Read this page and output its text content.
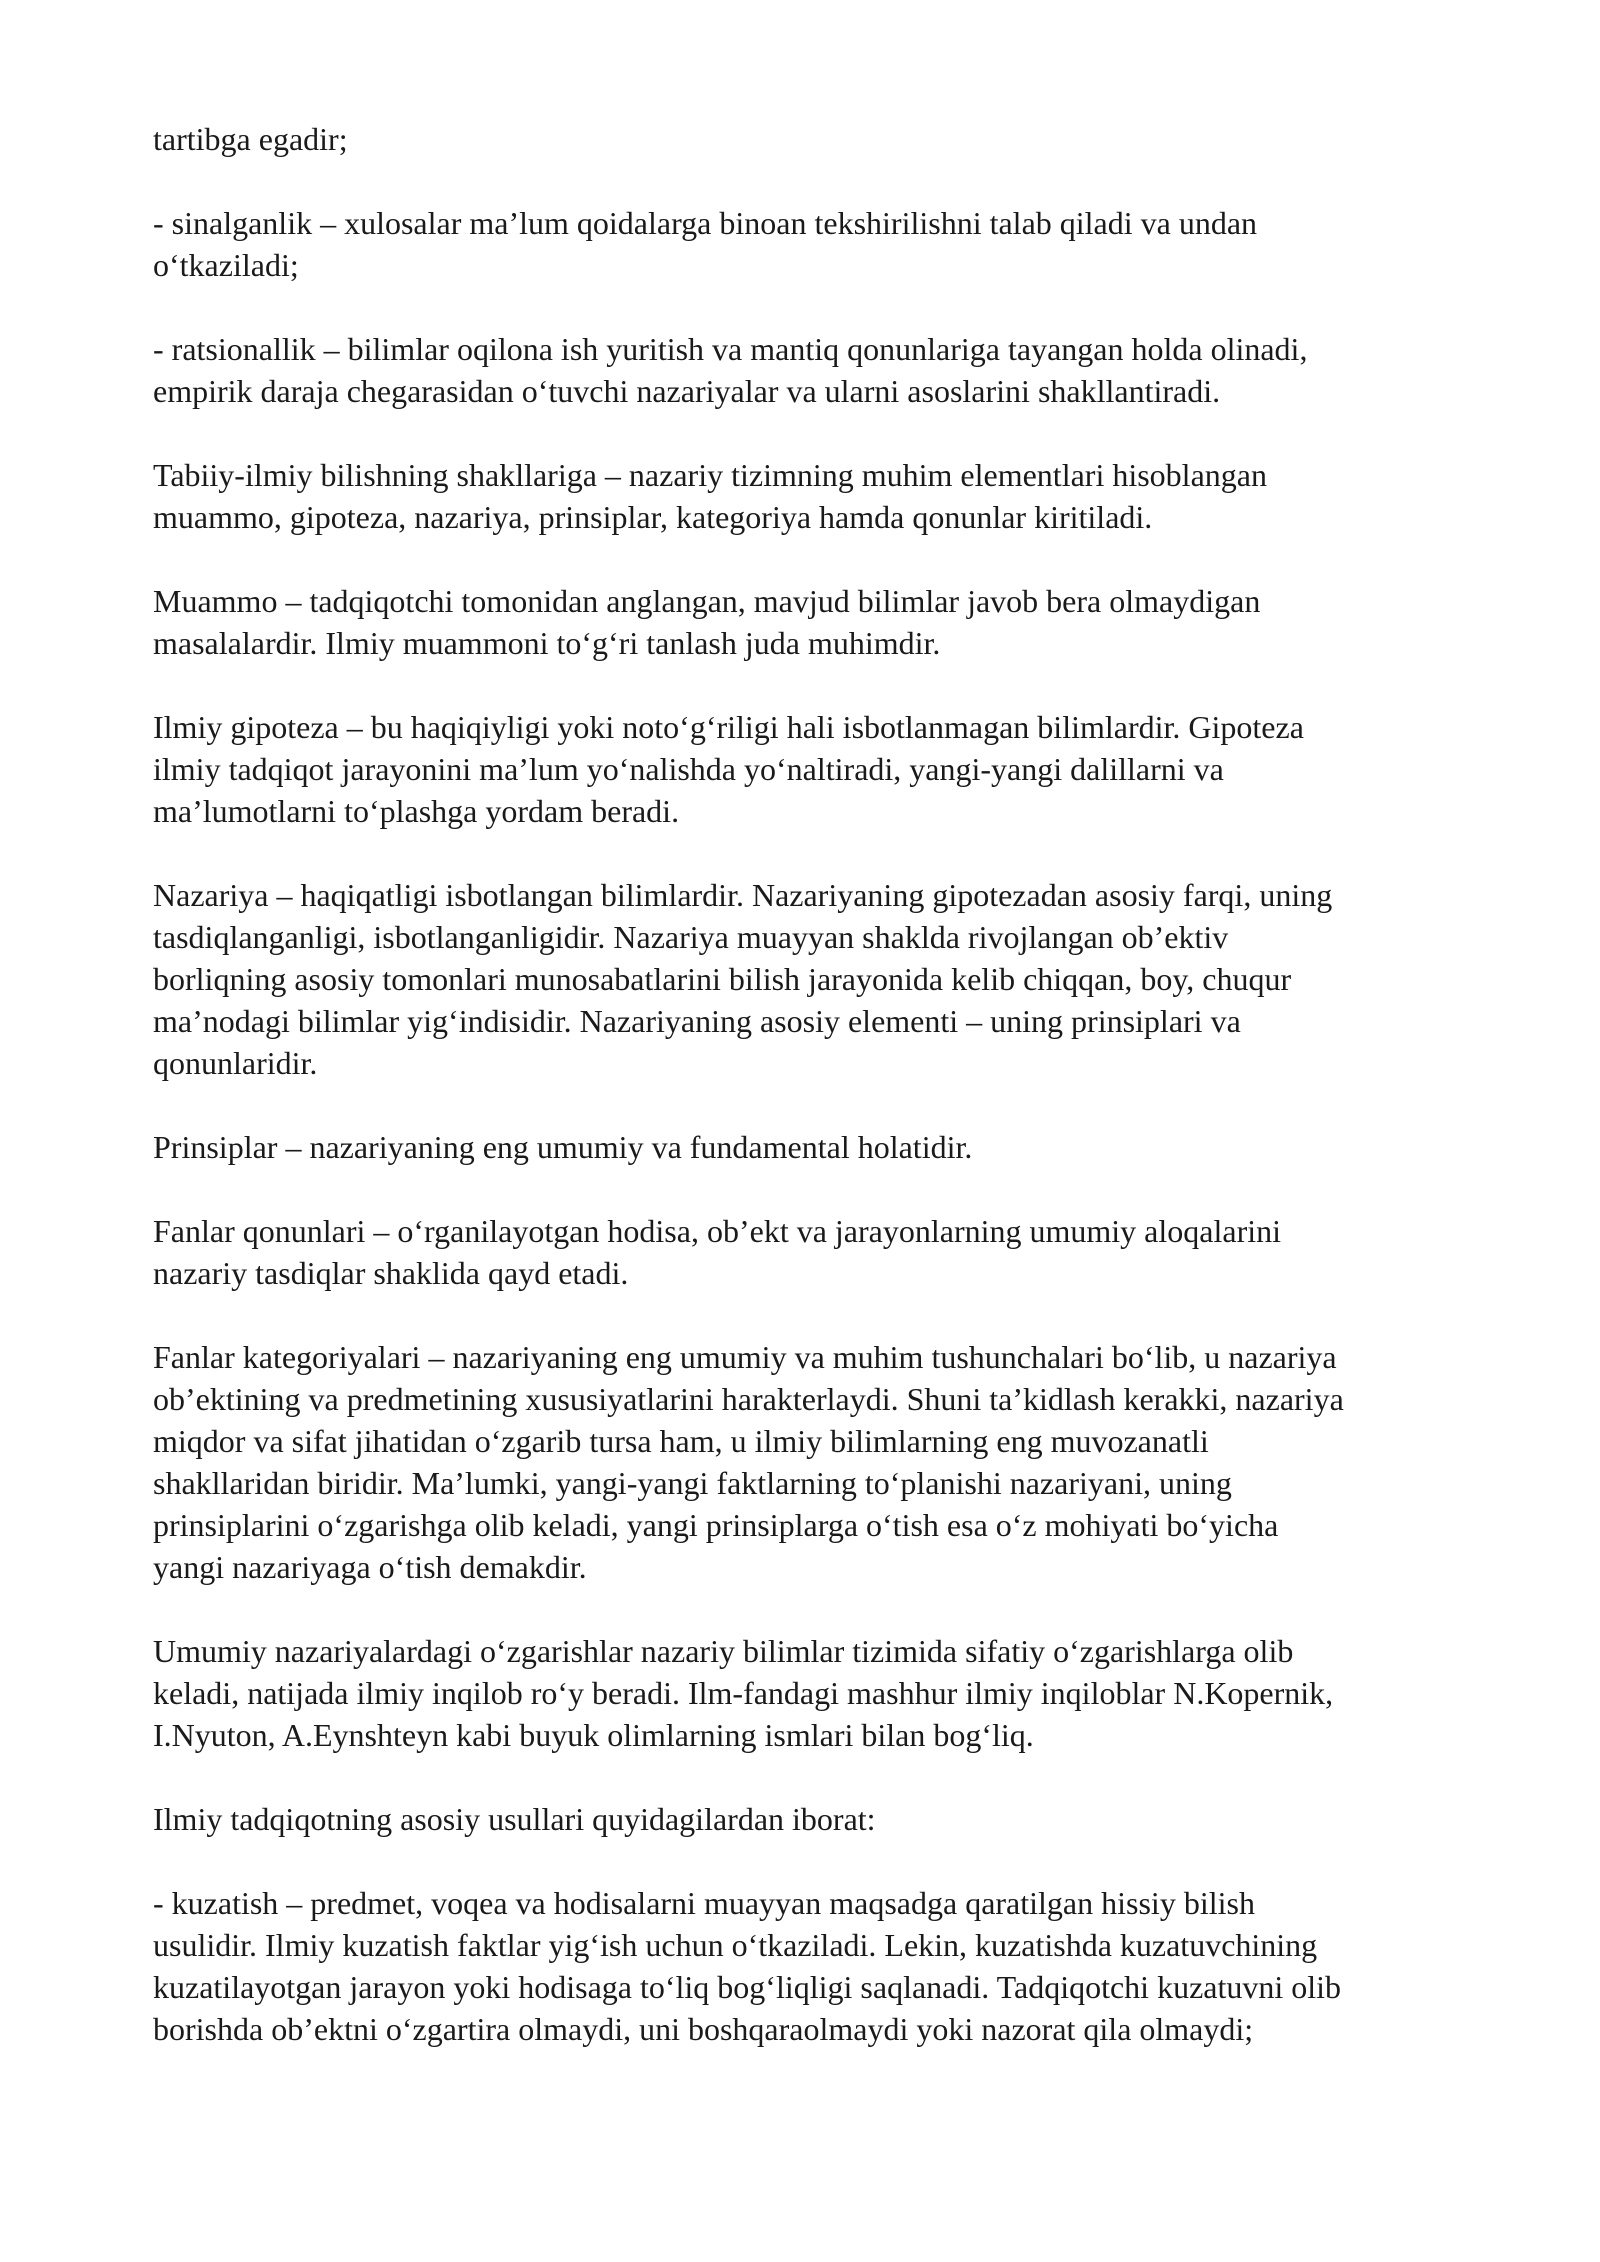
tartibga egadir;

- sinalganlik – xulosalar ma’lum qoidalarga binoan tekshirilishni talab qiladi va undan
o‘tkaziladi;

- ratsionallik – bilimlar oqilona ish yuritish va mantiq qonunlariga tayangan holda olinadi,
empirik daraja chegarasidan o‘tuvchi nazariyalar va ularni asoslarini shakllantiradi.

Tabiiy-ilmiy bilishning shakllariga – nazariy tizimning muhim elementlari hisoblangan
muammo, gipoteza, nazariya, prinsiplar, kategoriya hamda qonunlar kiritiladi.

Muammo – tadqiqotchi tomonidan anglangan, mavjud bilimlar javob bera olmaydigan
masalalardir. Ilmiy muammoni to‘g‘ri tanlash juda muhimdir.

Ilmiy gipoteza – bu haqiqiyligi yoki noto‘g‘riligi hali isbotlanmagan bilimlardir. Gipoteza
ilmiy tadqiqot jarayonini ma’lum yo‘nalishda yo‘naltiradi, yangi-yangi dalillarni va
ma’lumotlarni to‘plashga yordam beradi.

Nazariya – haqiqatligi isbotlangan bilimlardir. Nazariyaning gipotezadan asosiy farqi, uning
tasdiqlanganligi, isbotlanganligidir. Nazariya muayyan shaklda rivojlangan ob’ektiv
borliqning asosiy tomonlari munosabatlarini bilish jarayonida kelib chiqqan, boy, chuqur
ma’nodagi bilimlar yig‘indisidir. Nazariyaning asosiy elementi – uning prinsiplari va
qonunlaridir.

Prinsiplar – nazariyaning eng umumiy va fundamental holatidir.

Fanlar qonunlari – o‘rganilayotgan hodisa, ob’ekt va jarayonlarning umumiy aloqalarini
nazariy tasdiqlar shaklida qayd etadi.

Fanlar kategoriyalari – nazariyaning eng umumiy va muhim tushunchalari bo‘lib, u nazariya
ob’ektining va predmetining xususiyatlarini harakterlaydi. Shuni ta’kidlash kerakki, nazariya
miqdor va sifat jihatidan o‘zgarib tursa ham, u ilmiy bilimlarning eng muvozanatli
shakllaridan biridir. Ma’lumki, yangi-yangi faktlarning to‘planishi nazariyani, uning
prinsiplarini o‘zgarishga olib keladi, yangi prinsiplarga o‘tish esa o‘z mohiyati bo‘yicha
yangi nazariyaga o‘tish demakdir.

Umumiy nazariyalardagi o‘zgarishlar nazariy bilimlar tizimida sifatiy o‘zgarishlarga olib
keladi, natijada ilmiy inqilob ro‘y beradi. Ilm-fandagi mashhur ilmiy inqiloblar N.Kopernik,
I.Nyuton, A.Eynshteyn kabi buyuk olimlarning ismlari bilan bog‘liq.

Ilmiy tadqiqotning asosiy usullari quyidagilardan iborat:

- kuzatish – predmet, voqea va hodisalarni muayyan maqsadga qaratilgan hissiy bilish
usulidir. Ilmiy kuzatish faktlar yig‘ish uchun o‘tkaziladi. Lekin, kuzatishda kuzatuvchining
kuzatilayotgan jarayon yoki hodisaga to‘liq bog‘liqligi saqlanadi. Tadqiqotchi kuzatuvni olib
borishda ob’ektni o‘zgartira olmaydi, uni boshqaraolmaydi yoki nazorat qila olmaydi;
